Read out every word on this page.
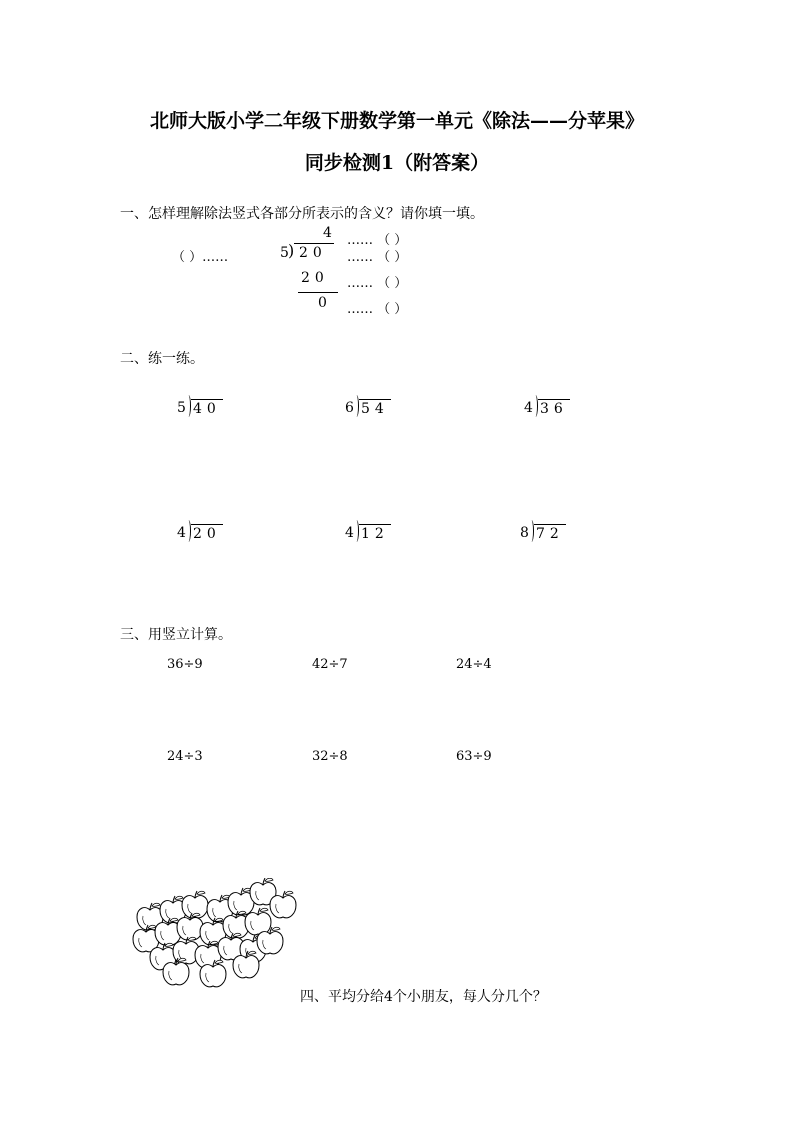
北师大版小学二年级下册数学第一单元《除法——分苹果》
同步检测1（附答案）
一、怎样理解除法竖式各部分所表示的含义？请你填一填。
4
5 ) 20
20
0
（ ）……
…… （ ）
…… （ ）
…… （ ）
…… （ ）
二、练一练。
5 40	6 54	4 36
4 20	4 12	8 72
三、用竖立计算。
36÷9	42÷7	24÷4
24÷3	32÷8	63÷9
四、平均分给4个小朋友，每人分几个？
